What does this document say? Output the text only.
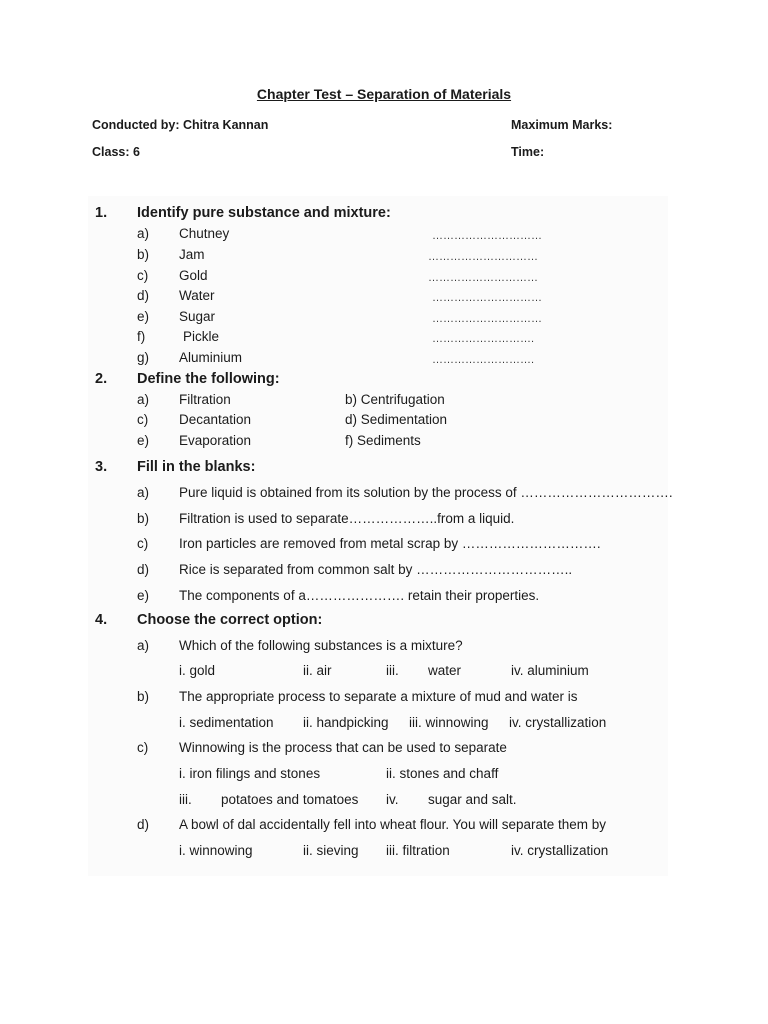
Chapter Test – Separation of Materials
Conducted by: Chitra Kannan	Maximum Marks:
Class: 6	Time:
1. Identify pure substance and mixture:
a) Chutney	…………………………
b) Jam	…………………………
c) Gold	…………………………
d) Water	…………………………
e) Sugar	…………………………
f)	Pickle	……………………….
g) Aluminium	……………………….
2. Define the following:
a) Filtration	b) Centrifugation
c) Decantation	d) Sedimentation
e) Evaporation	f) Sediments
3. Fill in the blanks:
a) Pure liquid is obtained from its solution by the process of …………………………….
b) Filtration is used to separate………………..from a liquid.
c) Iron particles are removed from metal scrap by ………………………….
d) Rice is separated from common salt by ……………………………..
e) The components of a…………………. retain their properties.
4. Choose the correct option:
a) Which of the following substances is a mixture?
i. gold	ii. air	iii. water	iv. aluminium
b) The appropriate process to separate a mixture of mud and water is
i. sedimentation ii. handpicking iii. winnowing iv. crystallization
c) Winnowing is the process that can be used to separate
i. iron filings and stones	ii. stones and chaff
iii. potatoes and tomatoes iv. sugar and salt.
d) A bowl of dal accidentally fell into wheat flour. You will separate them by
i. winnowing	ii. sieving iii. filtration	iv. crystallization
